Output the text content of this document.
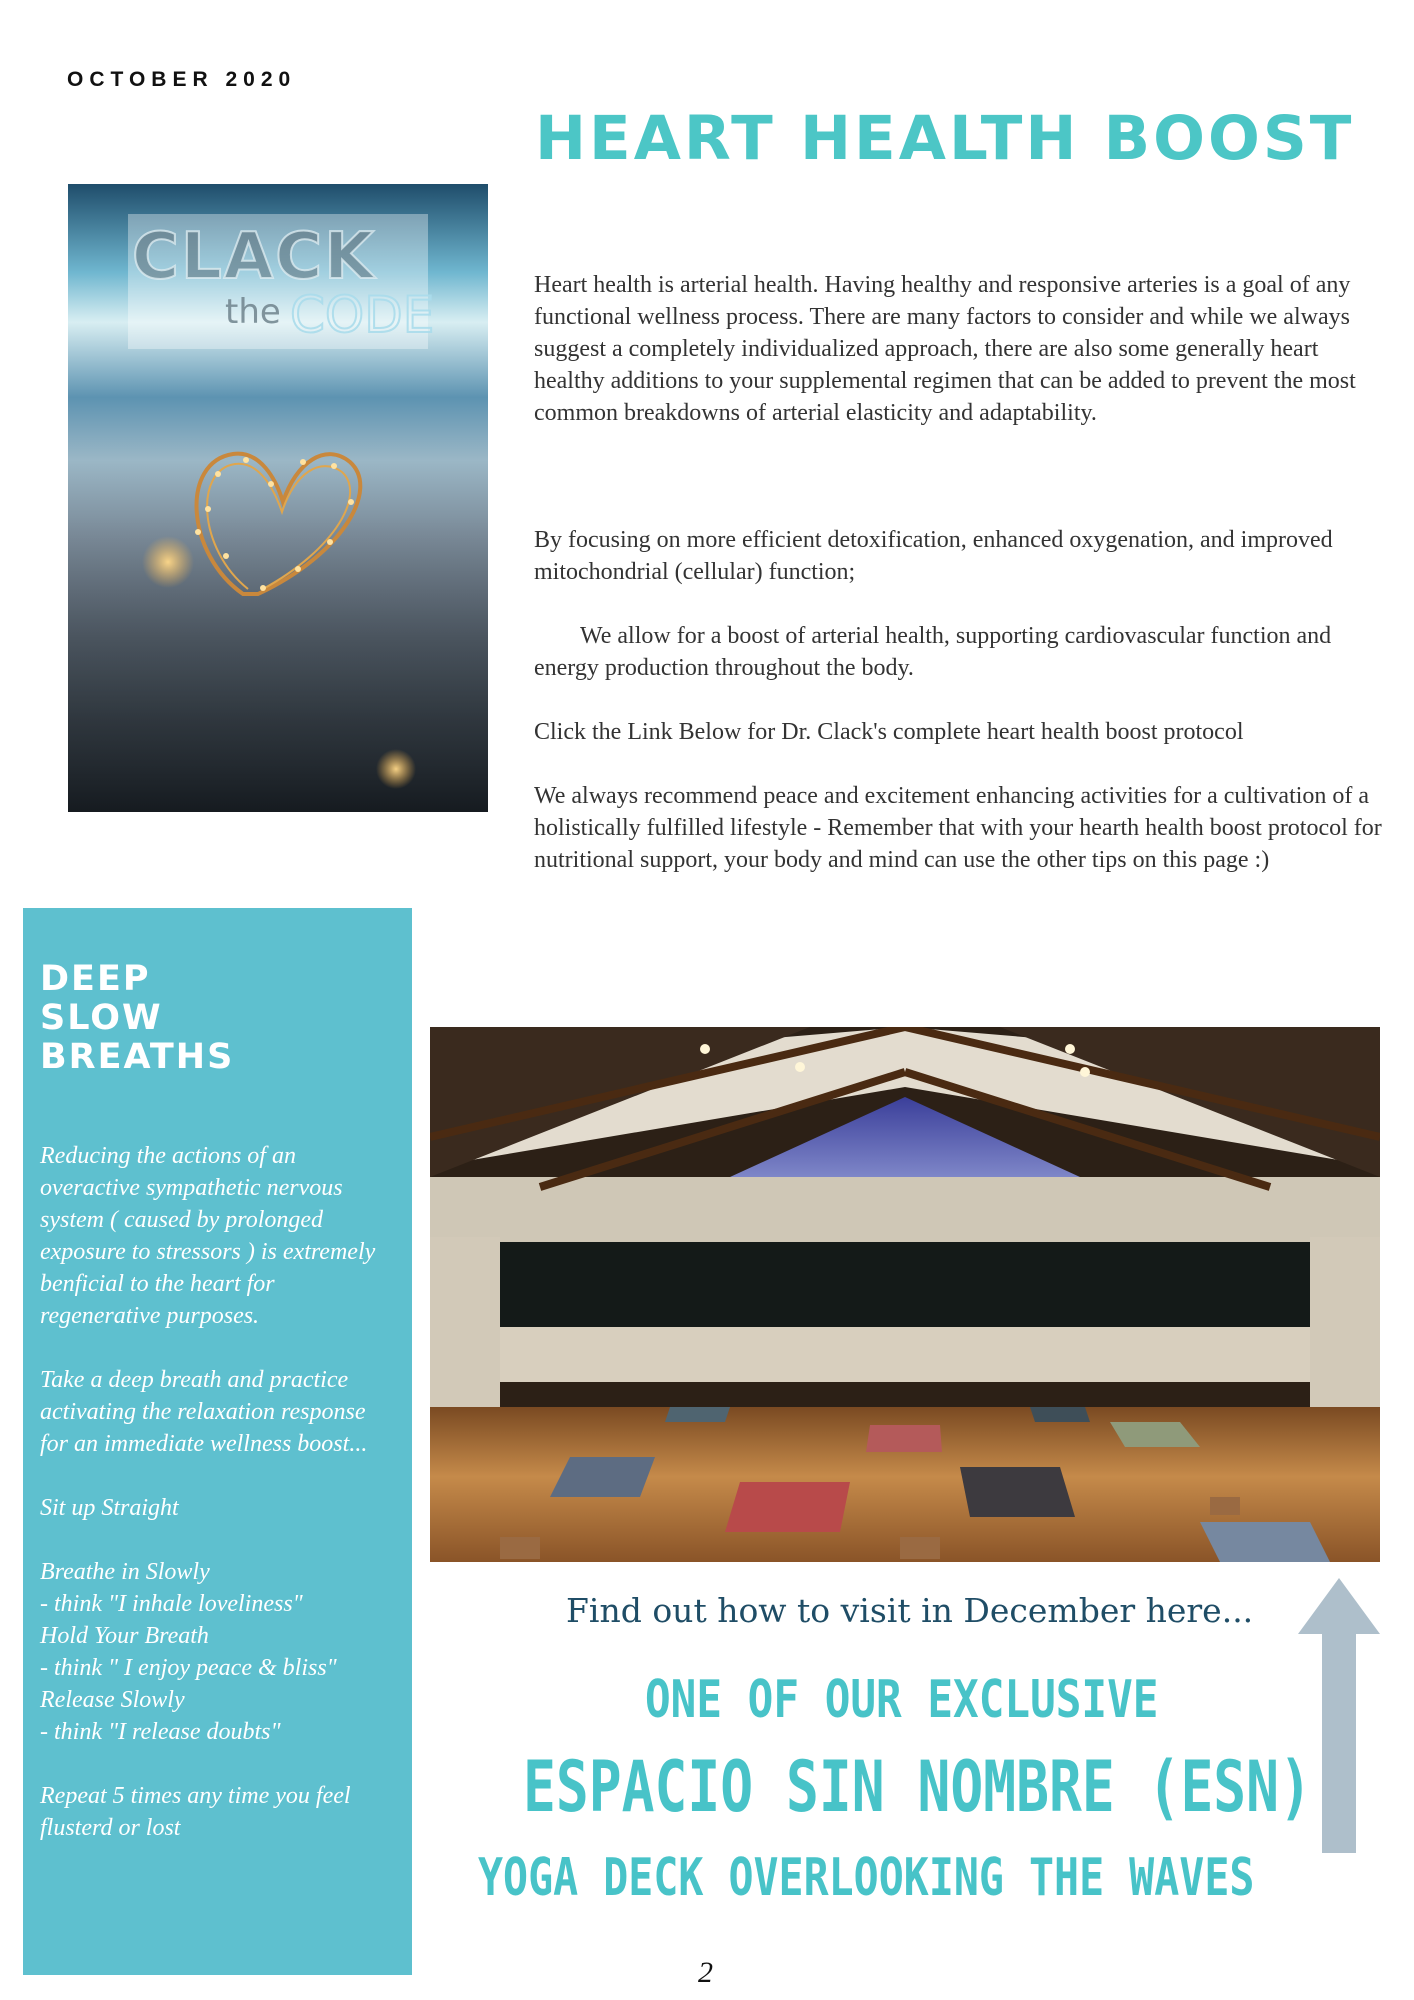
OCTOBER 2020
HEART HEALTH BOOST
CLACK
the CODE
Heart health is arterial health. Having healthy and responsive arteries is a goal of any functional wellness process. There are many factors to consider and while we always suggest a completely individualized approach, there are also some generally heart healthy additions to your supplemental regimen that can be added to prevent the most common breakdowns of arterial elasticity and adaptability.
By focusing on more efficient detoxification, enhanced oxygenation, and improved mitochondrial (cellular) function;
We allow for a boost of arterial health, supporting cardiovascular function and energy production throughout the body.
Click the Link Below for Dr. Clack's complete heart health boost protocol
We always recommend peace and excitement enhancing activities for a cultivation of a holistically fulfilled lifestyle - Remember that with your hearth health boost protocol for nutritional support, your body and mind can use the other tips on this page :)
DEEP
SLOW
BREATHS

Reducing the actions of an overactive sympathetic nervous system ( caused by prolonged exposure to stressors ) is extremely benficial to the heart for regenerative purposes.

Take a deep breath and practice activating the relaxation response for an immediate wellness boost...

Sit up Straight

Breathe in Slowly
- think "I inhale loveliness"
Hold Your Breath
- think " I enjoy peace & bliss"
Release Slowly
- think "I release doubts"

Repeat 5 times any time you feel flusterd or lost

Find out how to visit in December here...
ONE OF OUR EXCLUSIVE
ESPACIO SIN NOMBRE (ESN)
YOGA DECK OVERLOOKING THE WAVES
2
